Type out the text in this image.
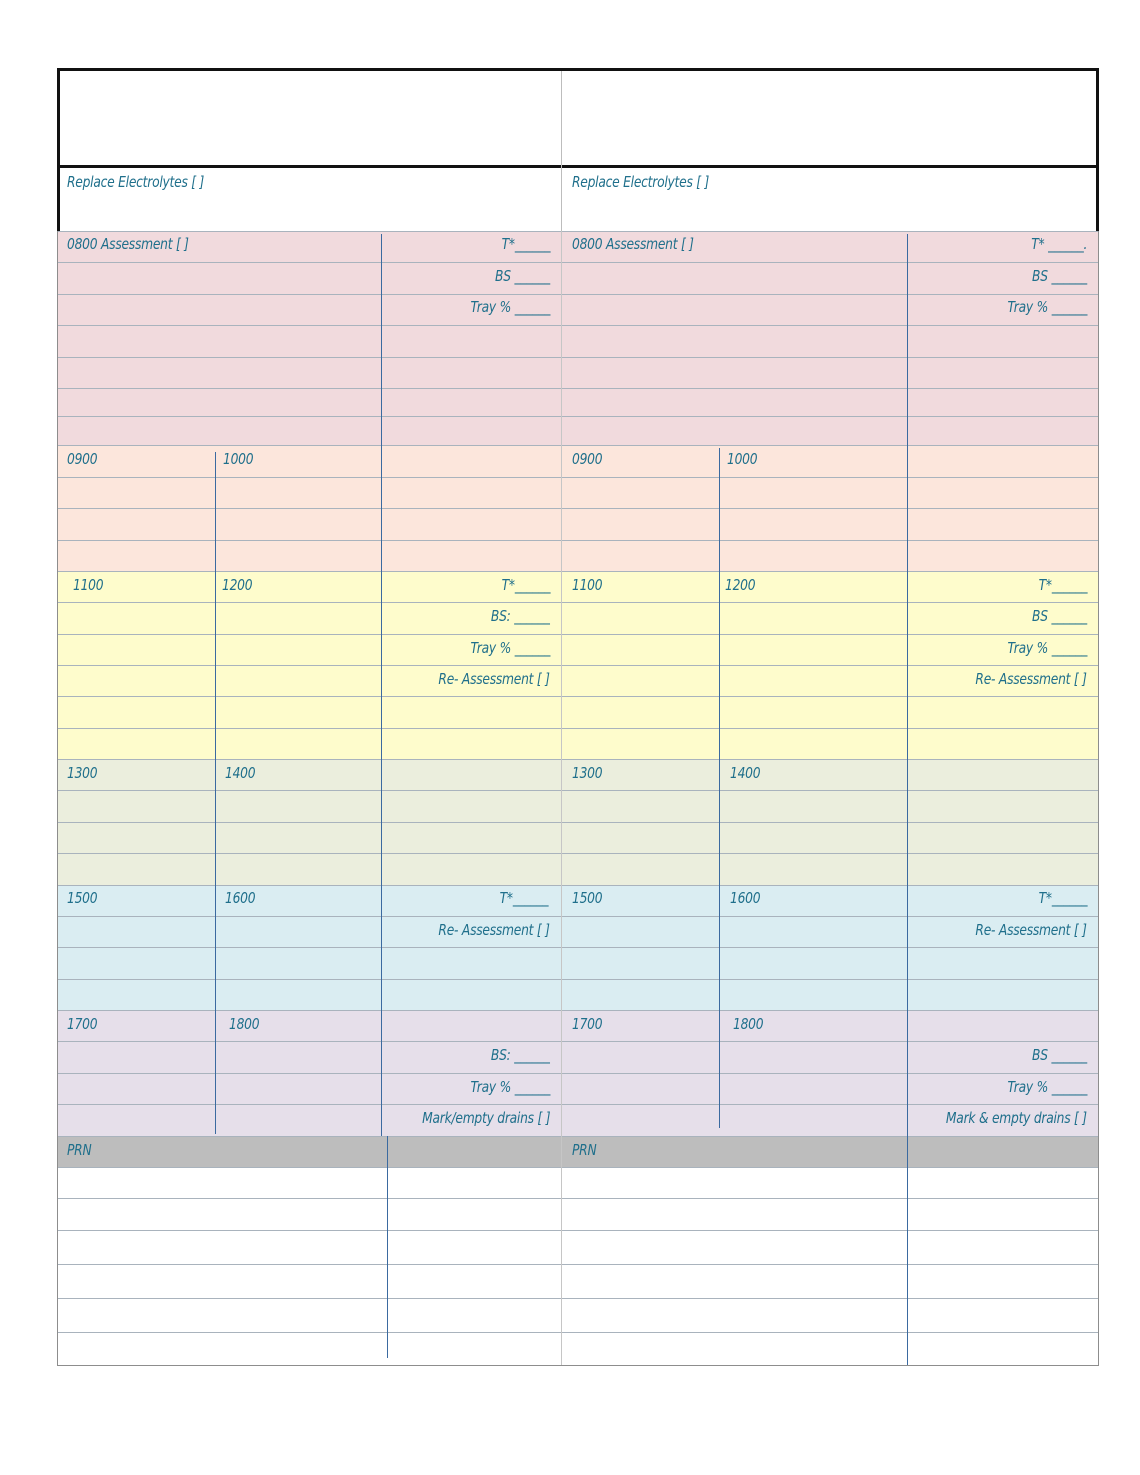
Replace Electrolytes [ ]
0800 Assessment [ ]	T*______
BS ______
Tray % ______
0900	1000
1100	1200	T*______
BS: ______
Tray % ______
Re- Assessment [ ]
1300	1400
1500	1600	T*______
Re- Assessment [ ]
1700	1800
BS: ______
Tray % ______
Mark/empty drains [ ]
PRN
Replace Electrolytes [ ]
0800 Assessment [ ]	T* ______.
BS ______
Tray % ______
0900	1000
1100	1200	T*______
BS ______
Tray % ______
Re- Assessment [ ]
1300	1400
1500	1600	T*______
Re- Assessment [ ]
1700	1800
BS ______
Tray % ______
Mark & empty drains [ ]
PRN
